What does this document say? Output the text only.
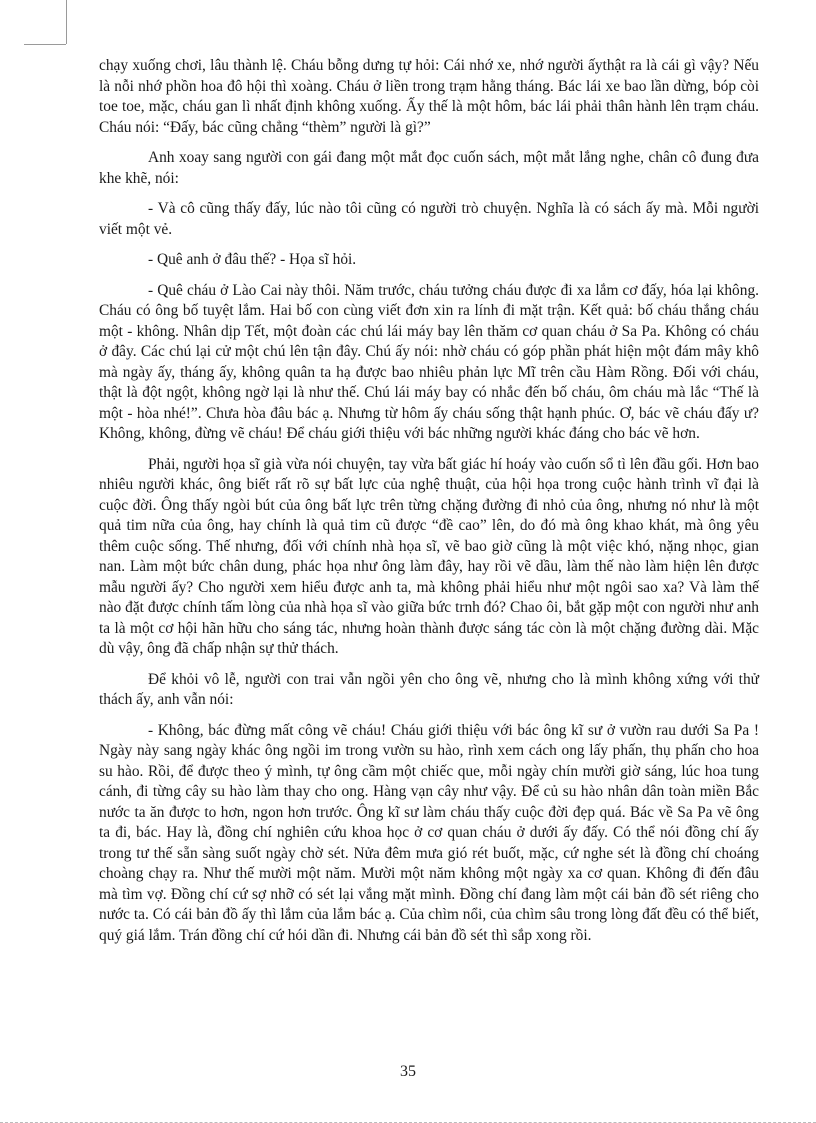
chạy xuống chơi, lâu thành lệ. Cháu bỗng dưng tự hỏi: Cái nhớ xe, nhớ người ấythật ra là cái gì vậy? Nếu là nỗi nhớ phồn hoa đô hội thì xoàng. Cháu ở liền trong trạm hằng tháng. Bác lái xe bao lần dừng, bóp còi toe toe, mặc, cháu gan lì nhất định không xuống. Ấy thế là một hôm, bác lái phải thân hành lên trạm cháu. Cháu nói: “Đấy, bác cũng chẳng “thèm” người là gì?”

Anh xoay sang người con gái đang một mắt đọc cuốn sách, một mắt lắng nghe, chân cô đung đưa khe khẽ, nói:

- Và cô cũng thấy đấy, lúc nào tôi cũng có người trò chuyện. Nghĩa là có sách ấy mà. Mỗi người viết một vẻ.

- Quê anh ở đâu thế? - Họa sĩ hỏi.

- Quê cháu ở Lào Cai này thôi. Năm trước, cháu tưởng cháu được đi xa lắm cơ đấy, hóa lại không. Cháu có ông bố tuyệt lắm. Hai bố con cùng viết đơn xin ra lính đi mặt trận. Kết quả: bố cháu thắng cháu một - không. Nhân dịp Tết, một đoàn các chú lái máy bay lên thăm cơ quan cháu ở Sa Pa. Không có cháu ở đây. Các chú lại cử một chú lên tận đây. Chú ấy nói: nhờ cháu có góp phần phát hiện một đám mây khô mà ngày ấy, tháng ấy, không quân ta hạ được bao nhiêu phản lực Mĩ trên cầu Hàm Rồng. Đối với cháu, thật là đột ngột, không ngờ lại là như thế. Chú lái máy bay có nhắc đến bố cháu, ôm cháu mà lắc “Thế là một - hòa nhé!”. Chưa hòa đâu bác ạ. Nhưng từ hôm ấy cháu sống thật hạnh phúc. Ơ, bác vẽ cháu đấy ư? Không, không, đừng vẽ cháu! Để cháu giới thiệu với bác những người khác đáng cho bác vẽ hơn.

Phải, người họa sĩ già vừa nói chuyện, tay vừa bất giác hí hoáy vào cuốn sổ tì lên đầu gối. Hơn bao nhiêu người khác, ông biết rất rõ sự bất lực của nghệ thuật, của hội họa trong cuộc hành trình vĩ đại là cuộc đời. Ông thấy ngòi bút của ông bất lực trên từng chặng đường đi nhỏ của ông, nhưng nó như là một quả tim nữa của ông, hay chính là quả tim cũ được “đề cao” lên, do đó mà ông khao khát, mà ông yêu thêm cuộc sống. Thế nhưng, đối với chính nhà họa sĩ, vẽ bao giờ cũng là một việc khó, nặng nhọc, gian nan. Làm một bức chân dung, phác họa như ông làm đây, hay rồi vẽ dầu, làm thế nào làm hiện lên được mẫu người ấy? Cho người xem hiểu được anh ta, mà không phải hiểu như một ngôi sao xa? Và làm thế nào đặt được chính tấm lòng của nhà họa sĩ vào giữa bức trnh đó? Chao ôi, bắt gặp một con người như anh ta là một cơ hội hãn hữu cho sáng tác, nhưng hoàn thành được sáng tác còn là một chặng đường dài. Mặc dù vậy, ông đã chấp nhận sự thử thách.

Để khỏi vô lễ, người con trai vẫn ngồi yên cho ông vẽ, nhưng cho là mình không xứng với thử thách ấy, anh vẫn nói:

- Không, bác đừng mất công vẽ cháu! Cháu giới thiệu với bác ông kĩ sư ở vườn rau dưới Sa Pa ! Ngày này sang ngày khác ông ngồi im trong vườn su hào, rình xem cách ong lấy phấn, thụ phấn cho hoa su hào. Rồi, để được theo ý mình, tự ông cầm một chiếc que, mỗi ngày chín mười giờ sáng, lúc hoa tung cánh, đi từng cây su hào làm thay cho ong. Hàng vạn cây như vậy. Để củ su hào nhân dân toàn miền Bắc nước ta ăn được to hơn, ngon hơn trước. Ông kĩ sư làm cháu thấy cuộc đời đẹp quá. Bác về Sa Pa vẽ ông ta đi, bác. Hay là, đồng chí nghiên cứu khoa học ở cơ quan cháu ở dưới ấy đấy. Có thể nói đồng chí ấy trong tư thế sẵn sàng suốt ngày chờ sét. Nửa đêm mưa gió rét buốt, mặc, cứ nghe sét là đồng chí choáng choàng chạy ra. Như thế mười một năm. Mười một năm không một ngày xa cơ quan. Không đi đến đâu mà tìm vợ. Đồng chí cứ sợ nhỡ có sét lại vắng mặt mình. Đồng chí đang làm một cái bản đồ sét riêng cho nước ta. Có cái bản đồ ấy thì lắm của lắm bác ạ. Của chìm nổi, của chìm sâu trong lòng đất đều có thể biết, quý giá lắm. Trán đồng chí cứ hói dần đi. Nhưng cái bản đồ sét thì sắp xong rồi.

35
